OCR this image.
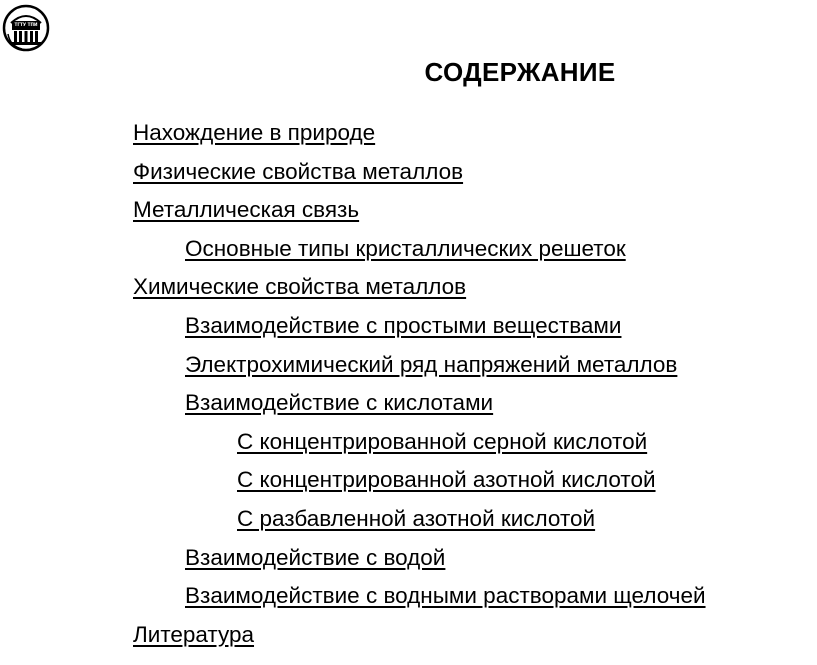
ТГТУ ТПИ
СОДЕРЖАНИЕ
Нахождение в природе
Физические свойства металлов
Металлическая связь
Основные типы кристаллических решеток
Химические свойства металлов
Взаимодействие с простыми веществами
Электрохимический ряд напряжений металлов
Взаимодействие с кислотами
С концентрированной серной кислотой
С концентрированной азотной кислотой
С разбавленной азотной кислотой
Взаимодействие с водой
Взаимодействие с водными растворами щелочей
Литература
